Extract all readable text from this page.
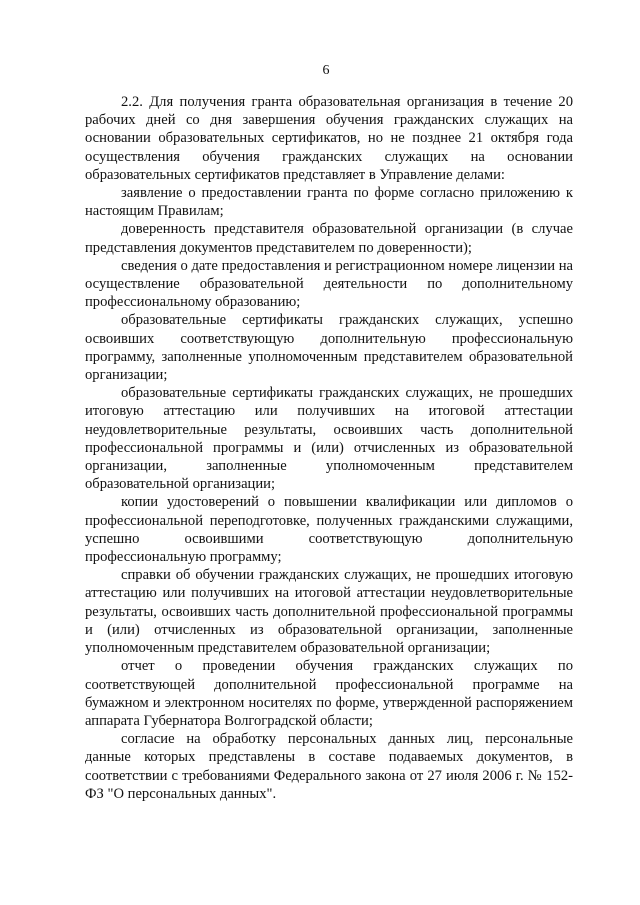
6

2.2. Для получения гранта образовательная организация в течение 20 рабочих дней со дня завершения обучения гражданских служащих на основании образовательных сертификатов, но не позднее 21 октября года осуществления обучения гражданских служащих на основании образовательных сертификатов представляет в Управление делами:

заявление о предоставлении гранта по форме согласно приложению к настоящим Правилам;

доверенность представителя образовательной организации (в случае представления документов представителем по доверенности);

сведения о дате предоставления и регистрационном номере лицензии на осуществление образовательной деятельности по дополнительному профессиональному образованию;

образовательные сертификаты гражданских служащих, успешно освоивших соответствующую дополнительную профессиональную программу, заполненные уполномоченным представителем образовательной организации;

образовательные сертификаты гражданских служащих, не прошедших итоговую аттестацию или получивших на итоговой аттестации неудовлетворительные результаты, освоивших часть дополнительной профессиональной программы и (или) отчисленных из образовательной организации, заполненные уполномоченным представителем образовательной организации;

копии удостоверений о повышении квалификации или дипломов о профессиональной переподготовке, полученных гражданскими служащими, успешно освоившими соответствующую дополнительную профессиональную программу;

справки об обучении гражданских служащих, не прошедших итоговую аттестацию или получивших на итоговой аттестации неудовлетворительные результаты, освоивших часть дополнительной профессиональной программы и (или) отчисленных из образовательной организации, заполненные уполномоченным представителем образовательной организации;

отчет о проведении обучения гражданских служащих по соответствующей дополнительной профессиональной программе на бумажном и электронном носителях по форме, утвержденной распоряжением аппарата Губернатора Волгоградской области;

согласие на обработку персональных данных лиц, персональные данные которых представлены в составе подаваемых документов, в соответствии с требованиями Федерального закона от 27 июля 2006 г. № 152-ФЗ "О персональных данных".
